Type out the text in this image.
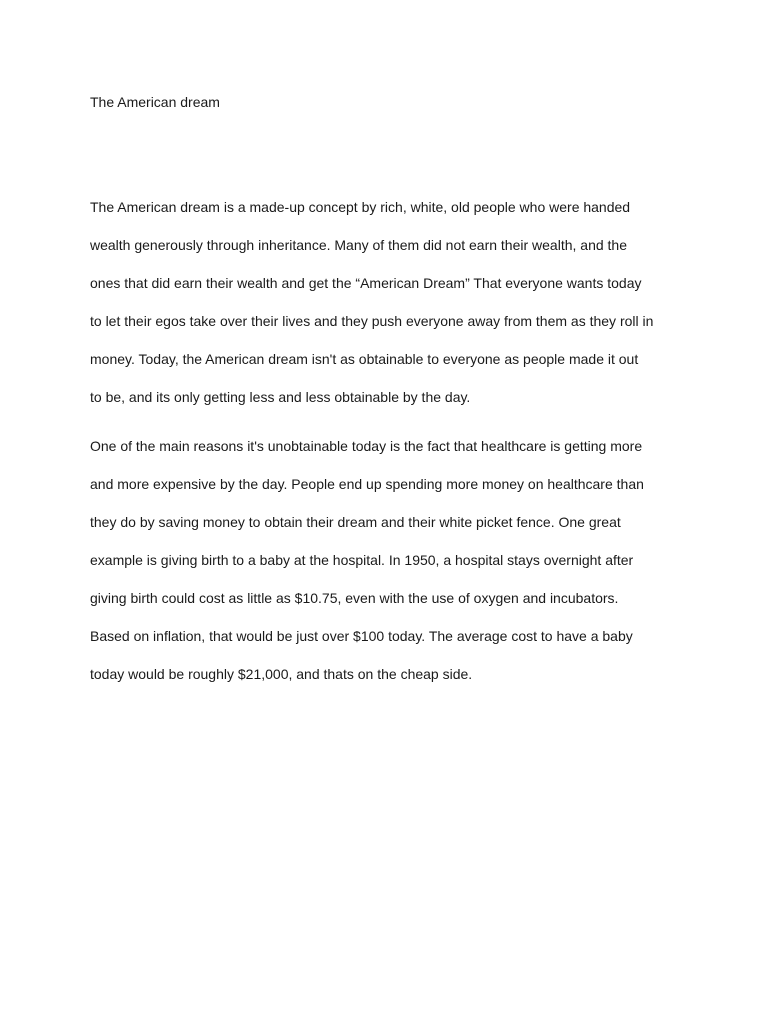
The American dream

The American dream is a made-up concept by rich, white, old people who were handed
wealth generously through inheritance. Many of them did not earn their wealth, and the
ones that did earn their wealth and get the “American Dream” That everyone wants today
to let their egos take over their lives and they push everyone away from them as they roll in
money. Today, the American dream isn't as obtainable to everyone as people made it out
to be, and its only getting less and less obtainable by the day.

One of the main reasons it's unobtainable today is the fact that healthcare is getting more
and more expensive by the day. People end up spending more money on healthcare than
they do by saving money to obtain their dream and their white picket fence. One great
example is giving birth to a baby at the hospital. In 1950, a hospital stays overnight after
giving birth could cost as little as $10.75, even with the use of oxygen and incubators.
Based on inflation, that would be just over $100 today. The average cost to have a baby
today would be roughly $21,000, and thats on the cheap side.
